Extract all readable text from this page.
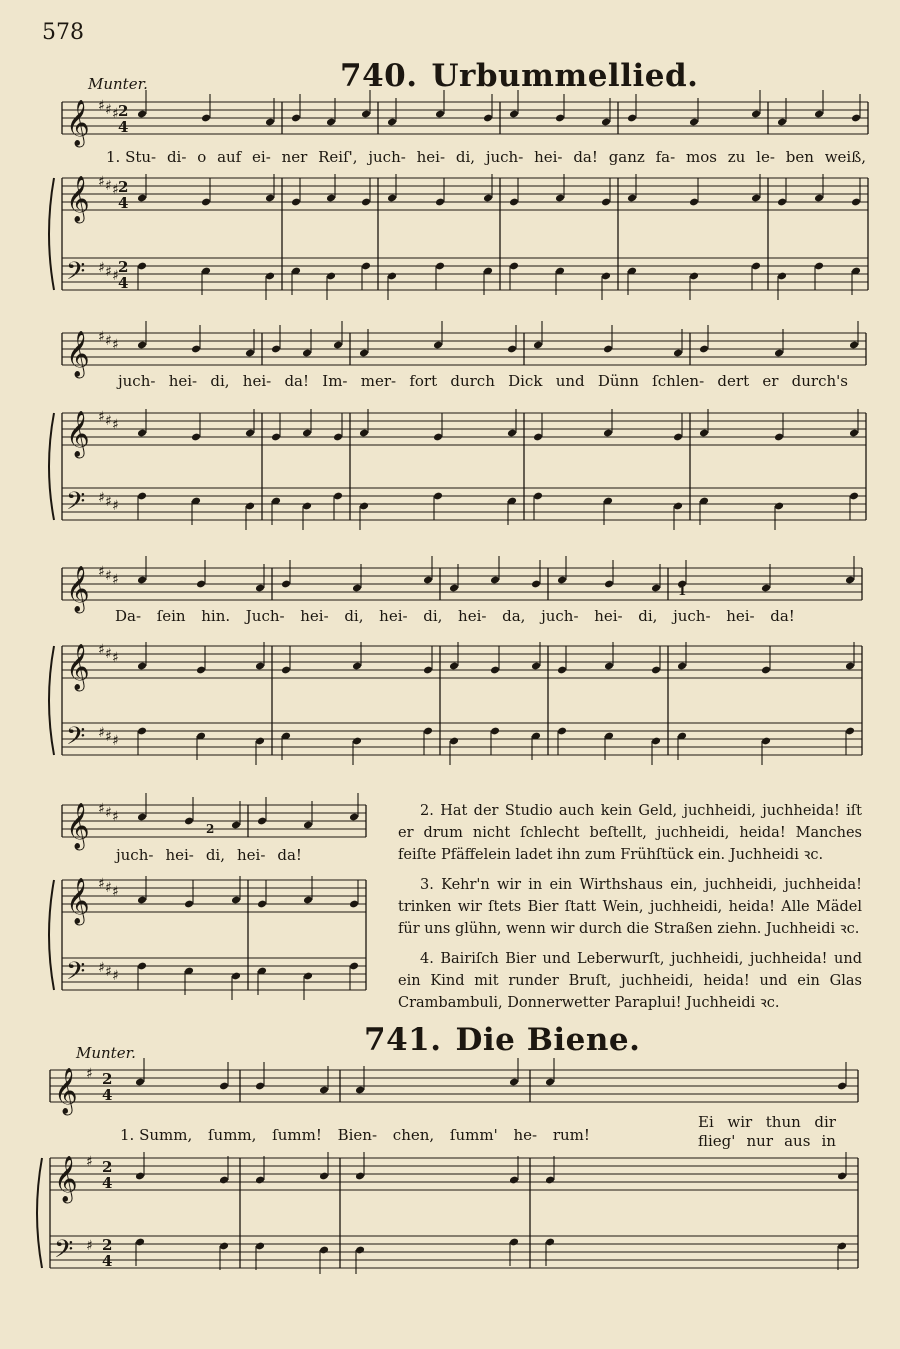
578
740. Urbummellied.
Munter.
𝄞
𝄞
𝄢
♯
♯
♯
♯
♯
♯
♯
♯
♯
𝄞
𝄞
𝄢
♯
♯
♯
♯
♯
♯
♯
♯
♯
𝄞
𝄞
𝄢
♯
♯
♯
♯
♯
♯
♯
♯
♯
𝄞
𝄞
𝄢
♯
♯
♯
♯
♯
♯
♯
♯
♯
2
4
2
4
2
4
𝄞
𝄞
𝄢
♯
♯
♯
2
4
2
4
2
4
1. Stu- di- o auf ei- ner Reiſ', juch- hei- di, juch- hei- da! ganz fa- mos zu le- ben weiß,
juch- hei- di, hei- da! Im- mer- fort durch Dick und Dünn ſchlen- dert er durch's
Da- ſein hin. Juch- hei- di, hei- di, hei- da, juch- hei- di, juch- hei- da!
juch- hei- di, hei- da!
1
2

2. Hat der Studio auch kein Geld, juchheidi, juchheida! iſt er drum nicht ſchlecht beſtellt, juchheidi, heida! Manches feiſte Pfäffelein ladet ihn zum Frühſtück ein. Juchheidi ꝛc.

3. Kehr'n wir in ein Wirthshaus ein, juchheidi, juchheida! trinken wir ſtets Bier ſtatt Wein, juchheidi, heida! Alle Mädel für uns glühn, wenn wir durch die Straßen ziehn. Juchheidi ꝛc.

4. Bairiſch Bier und Leberwurſt, juchheidi, juchheida! und ein Kind mit runder Bruſt, juchheidi, heida! und ein Glas Crambambuli, Donnerwetter Paraplui! Juchheidi ꝛc.

741. Die Biene.
Munter.
1. Summ, ſumm, ſumm! Bien- chen, ſumm' he- rum!
Ei wir thun dir
flieg' nur aus in
